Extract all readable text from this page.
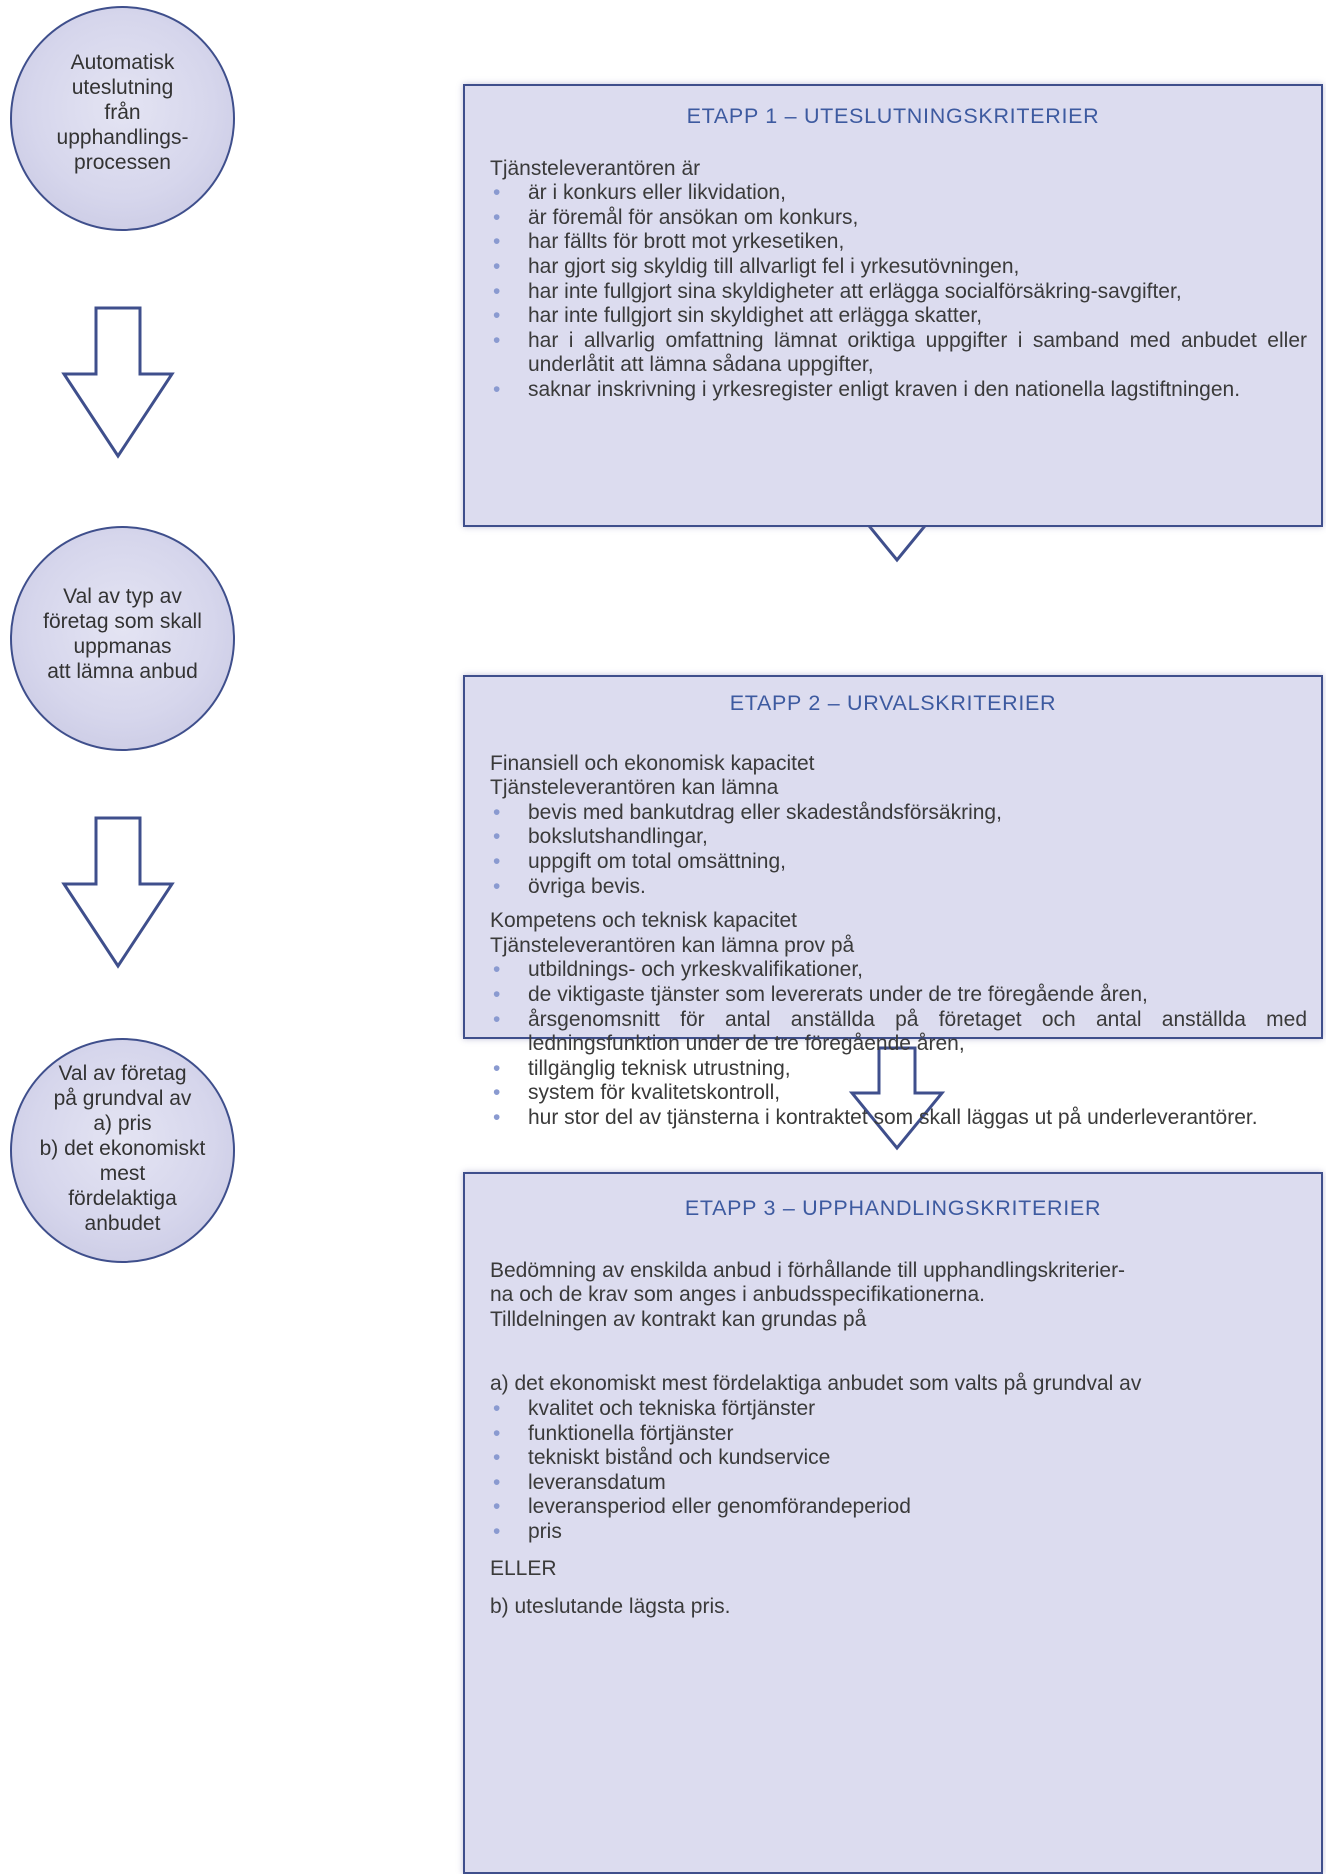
Automatisk
uteslutning
från
upphandlings-
processen
Val av typ av
företag som skall
uppmanas
att lämna anbud
Val av företag
på grundval av
a) pris
b) det ekonomiskt
mest
fördelaktiga
anbudet
ETAPP 1 – UTESLUTNINGSKRITERIER
Tjänsteleverantören är
• är i konkurs eller likvidation,
• är föremål för ansökan om konkurs,
• har fällts för brott mot yrkesetiken,
• har gjort sig skyldig till allvarligt fel i yrkesutövningen,
• har inte fullgjort sina skyldigheter att erlägga socialförsäkring-savgifter,
• har inte fullgjort sin skyldighet att erlägga skatter,
• har i allvarlig omfattning lämnat oriktiga uppgifter i samband med anbudet eller underlåtit att lämna sådana uppgifter,
• saknar inskrivning i yrkesregister enligt kraven i den nationella lagstiftningen.
ETAPP 2 – URVALSKRITERIER
Finansiell och ekonomisk kapacitet
Tjänsteleverantören kan lämna
• bevis med bankutdrag eller skadeståndsförsäkring,
• bokslutshandlingar,
• uppgift om total omsättning,
• övriga bevis.
Kompetens och teknisk kapacitet
Tjänsteleverantören kan lämna prov på
• utbildnings- och yrkeskvalifikationer,
• de viktigaste tjänster som levererats under de tre föregående åren,
• årsgenomsnitt för antal anställda på företaget och antal anställda med ledningsfunktion under de tre föregående åren,
• tillgänglig teknisk utrustning,
• system för kvalitetskontroll,
• hur stor del av tjänsterna i kontraktet som skall läggas ut på underleverantörer.
ETAPP 3 – UPPHANDLINGSKRITERIER
Bedömning av enskilda anbud i förhållande till upphandlingskriterier-
na och de krav som anges i anbudsspecifikationerna.
Tilldelningen av kontrakt kan grundas på
a) det ekonomiskt mest fördelaktiga anbudet som valts på grundval av
• kvalitet och tekniska förtjänster
• funktionella förtjänster
• tekniskt bistånd och kundservice
• leveransdatum
• leveransperiod eller genomförandeperiod
• pris
ELLER
b) uteslutande lägsta pris.
